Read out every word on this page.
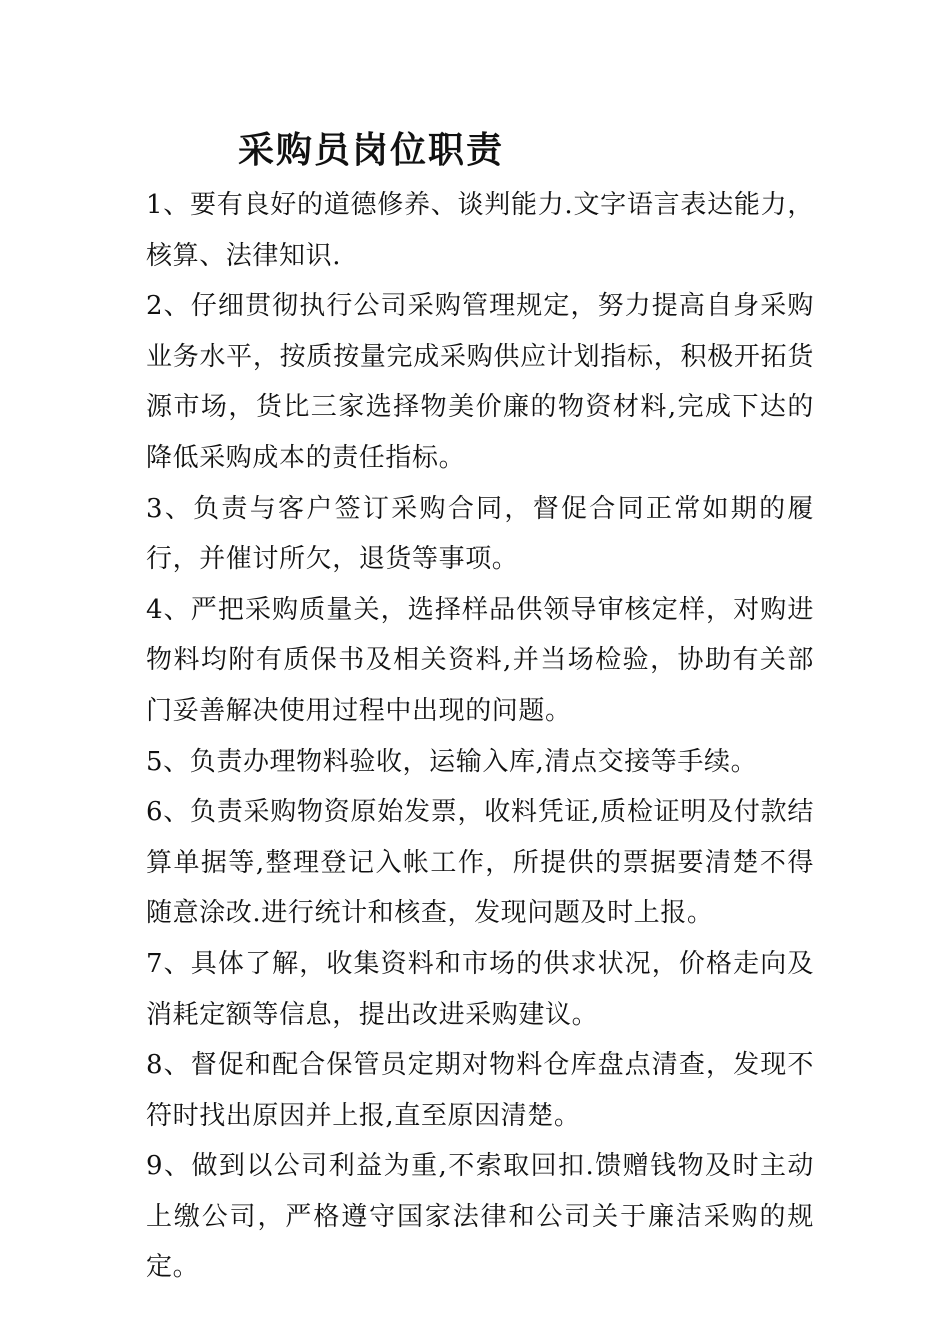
采购员岗位职责

1、要有良好的道德修养、谈判能力.文字语言表达能力，核算、法律知识.

2、仔细贯彻执行公司采购管理规定，努力提高自身采购业务水平，按质按量完成采购供应计划指标，积极开拓货源市场，货比三家选择物美价廉的物资材料,完成下达的降低采购成本的责任指标。

3、负责与客户签订采购合同，督促合同正常如期的履行，并催讨所欠，退货等事项。

4、严把采购质量关，选择样品供领导审核定样，对购进物料均附有质保书及相关资料,并当场检验，协助有关部门妥善解决使用过程中出现的问题。

5、负责办理物料验收，运输入库,清点交接等手续。

6、负责采购物资原始发票，收料凭证,质检证明及付款结算单据等,整理登记入帐工作，所提供的票据要清楚不得随意涂改.进行统计和核查，发现问题及时上报。

7、具体了解，收集资料和市场的供求状况，价格走向及消耗定额等信息，提出改进采购建议。

8、督促和配合保管员定期对物料仓库盘点清查，发现不符时找出原因并上报,直至原因清楚。

9、做到以公司利益为重,不索取回扣.馈赠钱物及时主动上缴公司，严格遵守国家法律和公司关于廉洁采购的规定。
